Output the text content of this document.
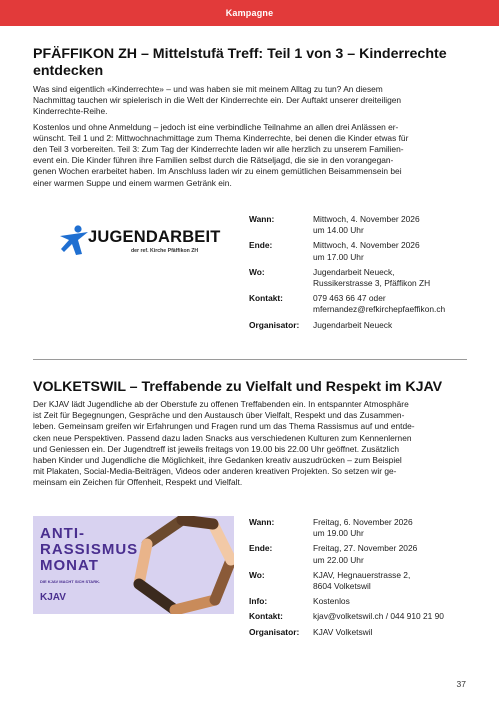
Kampagne
PFÄFFIKON ZH – Mittelstufä Treff: Teil 1 von 3 – Kinderrechte entdecken

Was sind eigentlich «Kinderrechte» – und was haben sie mit meinem Alltag zu tun? An diesem
Nachmittag tauchen wir spielerisch in die Welt der Kinderrechte ein. Der Auftakt unserer dreiteiligen
Kinderrechte-Reihe.

Kostenlos und ohne Anmeldung – jedoch ist eine verbindliche Teilnahme an allen drei Anlässen er-
wünscht. Teil 1 und 2: Mittwochnachmittage zum Thema Kinderrechte, bei denen die Kinder etwas für
den Teil 3 vorbereiten. Teil 3: Zum Tag der Kinderrechte laden wir alle herzlich zu unserem Familien-
event ein. Die Kinder führen ihre Familien selbst durch die Rätseljagd, die sie in den vorangegan-
genen Wochen erarbeitet haben. Im Anschluss laden wir zu einem gemütlichen Beisammensein bei
einer warmen Suppe und einem warmen Getränk ein.

JUGENDARBEIT
der ref. Kirche Pfäffikon ZH
Wann:	Mittwoch, 4. November 2026
um 14.00 Uhr
Ende:	Mittwoch, 4. November 2026
um 17.00 Uhr
Wo:	Jugendarbeit Neueck,
Russikerstrasse 3, Pfäffikon ZH
Kontakt:	079 463 66 47 oder
mfernandez@refkirchepfaeffikon.ch
Organisator:	Jugendarbeit Neueck
VOLKETSWIL – Treffabende zu Vielfalt und Respekt im KJAV

Der KJAV lädt Jugendliche ab der Oberstufe zu offenen Treffabenden ein. In entspannter Atmosphäre
ist Zeit für Begegnungen, Gespräche und den Austausch über Vielfalt, Respekt und das Zusammen-
leben. Gemeinsam greifen wir Erfahrungen und Fragen rund um das Thema Rassismus auf und entde-
cken neue Perspektiven. Passend dazu laden Snacks aus verschiedenen Kulturen zum Kennenlernen
und Geniessen ein. Der Jugendtreff ist jeweils freitags von 19.00 bis 22.00 Uhr geöffnet. Zusätzlich
haben Kinder und Jugendliche die Möglichkeit, ihre Gedanken kreativ auszudrücken – zum Beispiel
mit Plakaten, Social-Media-Beiträgen, Videos oder anderen kreativen Projekten. So setzen wir ge-
meinsam ein Zeichen für Offenheit, Respekt und Vielfalt.

ANTI-
RASSISMUS
MONAT
DIE KJAV MACHT SICH STARK.
KJAV
Wann:	Freitag, 6. November 2026
um 19.00 Uhr
Ende:	Freitag, 27. November 2026
um 22.00 Uhr
Wo:	KJAV, Hegnauerstrasse 2,
8604 Volketswil
Info:	Kostenlos
Kontakt:	kjav@volketswil.ch / 044 910 21 90
Organisator:	KJAV Volketswil
37
